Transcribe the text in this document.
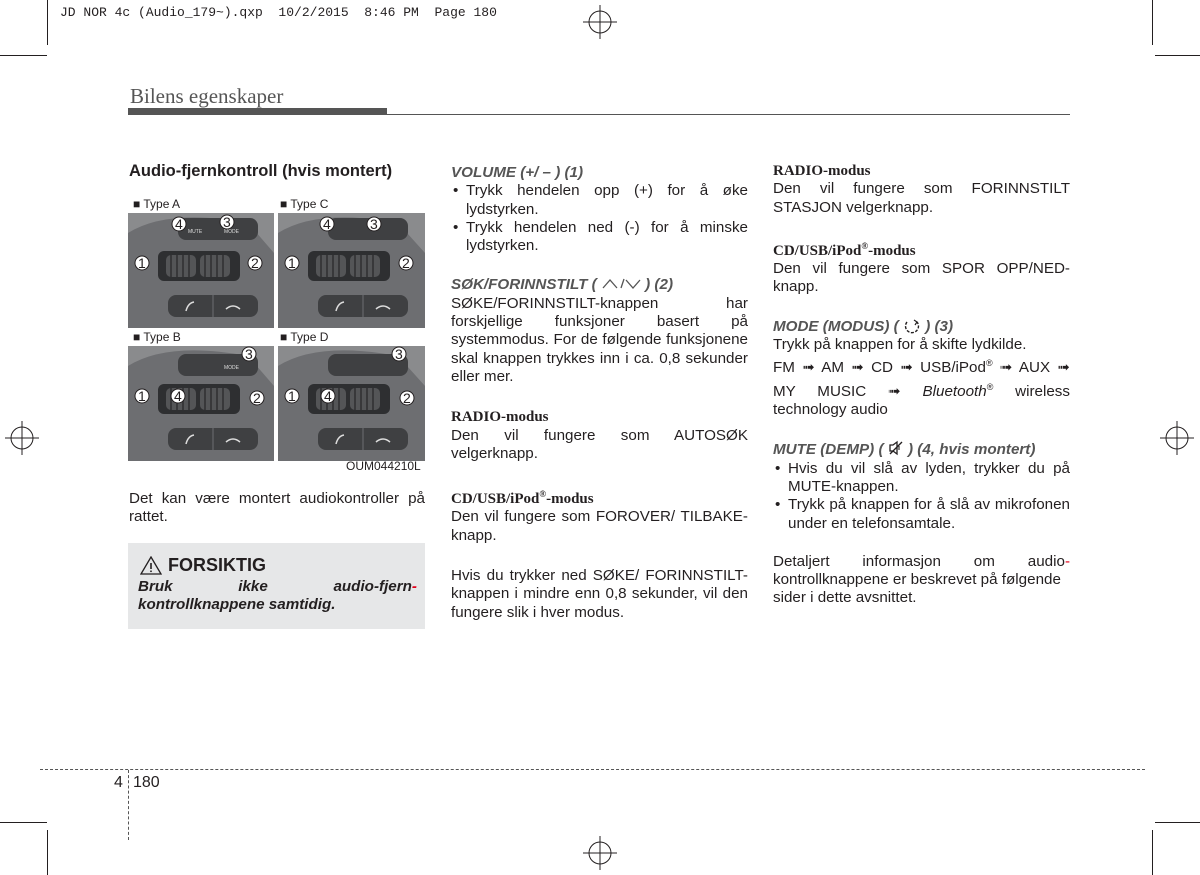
JD NOR 4c (Audio_179~).qxp  10/2/2015  8:46 PM  Page 180
Bilens egenskaper
Audio-fjernkontroll (hvis montert)
■ Type A
MUTE	MODE
4	3
1	2
■ Type C
4	3
1	2
■ Type B
MODE
3
1 4	2
■ Type D
3
1 4	2
OUM044210L
Det kan være montert audiokontroller på rattet.
FORSIKTIG
Bruk	ikke	audio-fjern-
kontrollknappene samtidig.
VOLUME (+/ – ) (1)
• Trykk hendelen opp (+) for å øke lydstyrken.
• Trykk hendelen ned (-) for å minske lydstyrken.
SØK/FORINNSTILT (	) (2)

SØKE/FORINNSTILT-knappen har forskjellige funksjoner basert på systemmodus. For de følgende funksjonene skal knappen trykkes inn i ca. 0,8 sekunder eller mer.

RADIO-modus

Den vil fungere som AUTOSØK velgerknapp.

CD/USB/iPod®-modus

Den vil fungere som FOROVER/ TILBAKE-knapp.

Hvis du trykker ned SØKE/ FORINNSTILT- knappen i mindre enn 0,8 sekunder, vil den fungere slik i hver modus.

RADIO-modus

Den vil fungere som FORINNSTILT STASJON velgerknapp.

CD/USB/iPod®-modus

Den vil fungere som SPOR OPP/NED-knapp.

MODE (MODUS) ( ) (3)

Trykk på knappen for å skifte lydkilde.

FM ➟ AM ➟ CD ➟ USB/iPod® ➟ AUX ➟ MY MUSIC ➟ Bluetooth® wireless technology audio

MUTE (DEMP) ( ) (4, hvis montert)
• Hvis du vil slå av lyden, trykker du på MUTE-knappen.
• Trykk på knappen for å slå av mikrofonen under en telefonsamtale.

Detaljert informasjon om audio-
kontrollknappene er beskrevet på følgende sider i dette avsnittet.

4 180
